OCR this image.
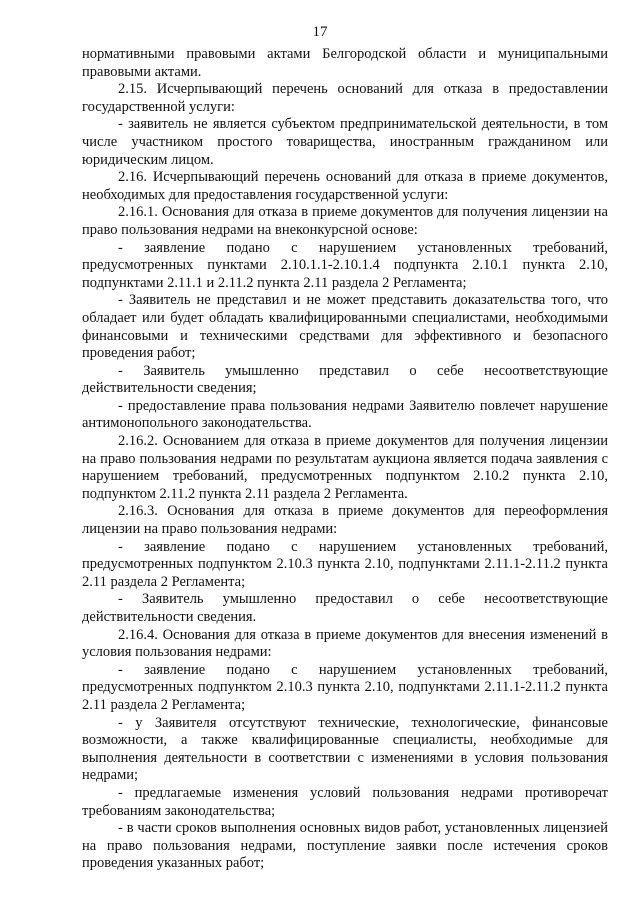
17

нормативными правовыми актами Белгородской области и муниципальными правовыми актами.

2.15. Исчерпывающий перечень оснований для отказа в предоставлении государственной услуги:

- заявитель не является субъектом предпринимательской деятельности, в том числе участником простого товарищества, иностранным гражданином или юридическим лицом.

2.16. Исчерпывающий перечень оснований для отказа в приеме документов, необходимых для предоставления государственной услуги:

2.16.1. Основания для отказа в приеме документов для получения лицензии на право пользования недрами на внеконкурсной основе:

- заявление подано с нарушением установленных требований, предусмотренных пунктами 2.10.1.1-2.10.1.4 подпункта 2.10.1 пункта 2.10, подпунктами 2.11.1 и 2.11.2 пункта 2.11 раздела 2 Регламента;

- Заявитель не представил и не может представить доказательства того, что обладает или будет обладать квалифицированными специалистами, необходимыми финансовыми и техническими средствами для эффективного и безопасного проведения работ;

- Заявитель умышленно представил о себе несоответствующие действительности сведения;

- предоставление права пользования недрами Заявителю повлечет нарушение антимонопольного законодательства.

2.16.2. Основанием для отказа в приеме документов для получения лицензии на право пользования недрами по результатам аукциона является подача заявления с нарушением требований, предусмотренных подпунктом 2.10.2 пункта 2.10, подпунктом 2.11.2 пункта 2.11 раздела 2 Регламента.

2.16.3. Основания для отказа в приеме документов для переоформления лицензии на право пользования недрами:

- заявление подано с нарушением установленных требований, предусмотренных подпунктом 2.10.3 пункта 2.10, подпунктами 2.11.1-2.11.2 пункта 2.11 раздела 2 Регламента;

- Заявитель умышленно предоставил о себе несоответствующие действительности сведения.

2.16.4. Основания для отказа в приеме документов для внесения изменений в условия пользования недрами:

- заявление подано с нарушением установленных требований, предусмотренных подпунктом 2.10.3 пункта 2.10, подпунктами 2.11.1-2.11.2 пункта 2.11 раздела 2 Регламента;

- у Заявителя отсутствуют технические, технологические, финансовые возможности, а также квалифицированные специалисты, необходимые для выполнения деятельности в соответствии с изменениями в условия пользования недрами;

- предлагаемые изменения условий пользования недрами противоречат требованиям законодательства;

- в части сроков выполнения основных видов работ, установленных лицензией на право пользования недрами, поступление заявки после истечения сроков проведения указанных работ;
